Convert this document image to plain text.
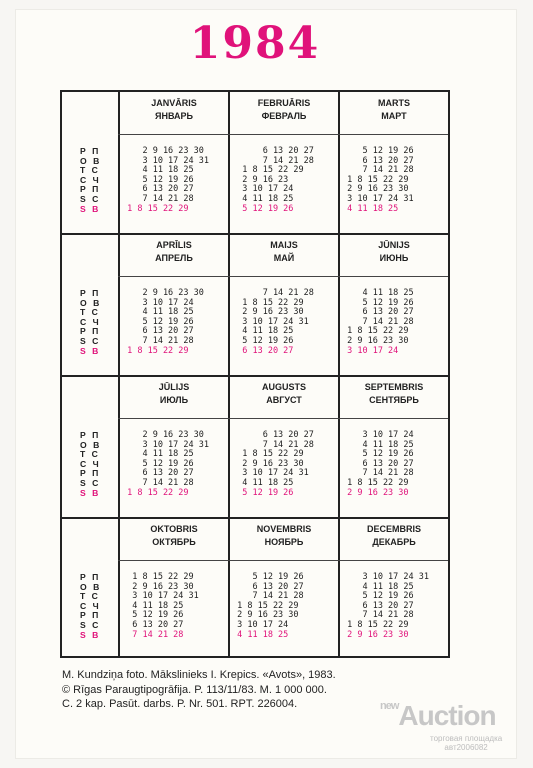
1984
Р П
О В
Т С
С Ч
Р П
S С
S В
JANVĀRIS
ЯНВАРЬ
2 9 16 23 30
3 10 17 24 31
4 11 18 25
5 12 19 26
6 13 20 27
7 14 21 28
1 8 15 22 29
FEBRUĀRIS
ФЕВРАЛЬ
6 13 20 27
7 14 21 28
1 8 15 22 29
2 9 16 23
3 10 17 24
4 11 18 25
5 12 19 26
MARTS
МАРТ
5 12 19 26
6 13 20 27
7 14 21 28
1 8 15 22 29
2 9 16 23 30
3 10 17 24 31
4 11 18 25
Р П
О В
Т С
С Ч
Р П
S С
S В
APRĪLIS
АПРЕЛЬ
2 9 16 23 30
3 10 17 24
4 11 18 25
5 12 19 26
6 13 20 27
7 14 21 28
1 8 15 22 29
MAIJS
МАЙ
7 14 21 28
1 8 15 22 29
2 9 16 23 30
3 10 17 24 31
4 11 18 25
5 12 19 26
6 13 20 27
JŪNIJS
ИЮНЬ
4 11 18 25
5 12 19 26
6 13 20 27
7 14 21 28
1 8 15 22 29
2 9 16 23 30
3 10 17 24
Р П
О В
Т С
С Ч
Р П
S С
S В
JŪLIJS
ИЮЛЬ
2 9 16 23 30
3 10 17 24 31
4 11 18 25
5 12 19 26
6 13 20 27
7 14 21 28
1 8 15 22 29
AUGUSTS
АВГУСТ
6 13 20 27
7 14 21 28
1 8 15 22 29
2 9 16 23 30
3 10 17 24 31
4 11 18 25
5 12 19 26
SEPTEMBRIS
СЕНТЯБРЬ
3 10 17 24
4 11 18 25
5 12 19 26
6 13 20 27
7 14 21 28
1 8 15 22 29
2 9 16 23 30
Р П
О В
Т С
С Ч
Р П
S С
S В
OKTOBRIS
ОКТЯБРЬ
1 8 15 22 29
2 9 16 23 30
3 10 17 24 31
4 11 18 25
5 12 19 26
6 13 20 27
7 14 21 28
NOVEMBRIS
НОЯБРЬ
5 12 19 26
6 13 20 27
7 14 21 28
1 8 15 22 29
2 9 16 23 30
3 10 17 24
4 11 18 25
DECEMBRIS
ДЕКАБРЬ
3 10 17 24 31
4 11 18 25
5 12 19 26
6 13 20 27
7 14 21 28
1 8 15 22 29
2 9 16 23 30
M. Kundziņa foto. Mākslinieks I. Krepics. «Avots», 1983.
© Rīgas Paraugtipogrāfija. P. 113/11/83. M. 1 000 000.
C. 2 kap. Pasūt. darbs. P. Nr. 501. RPT. 226004.	$^{new}$Auction
торговая площадка
авт2006082
